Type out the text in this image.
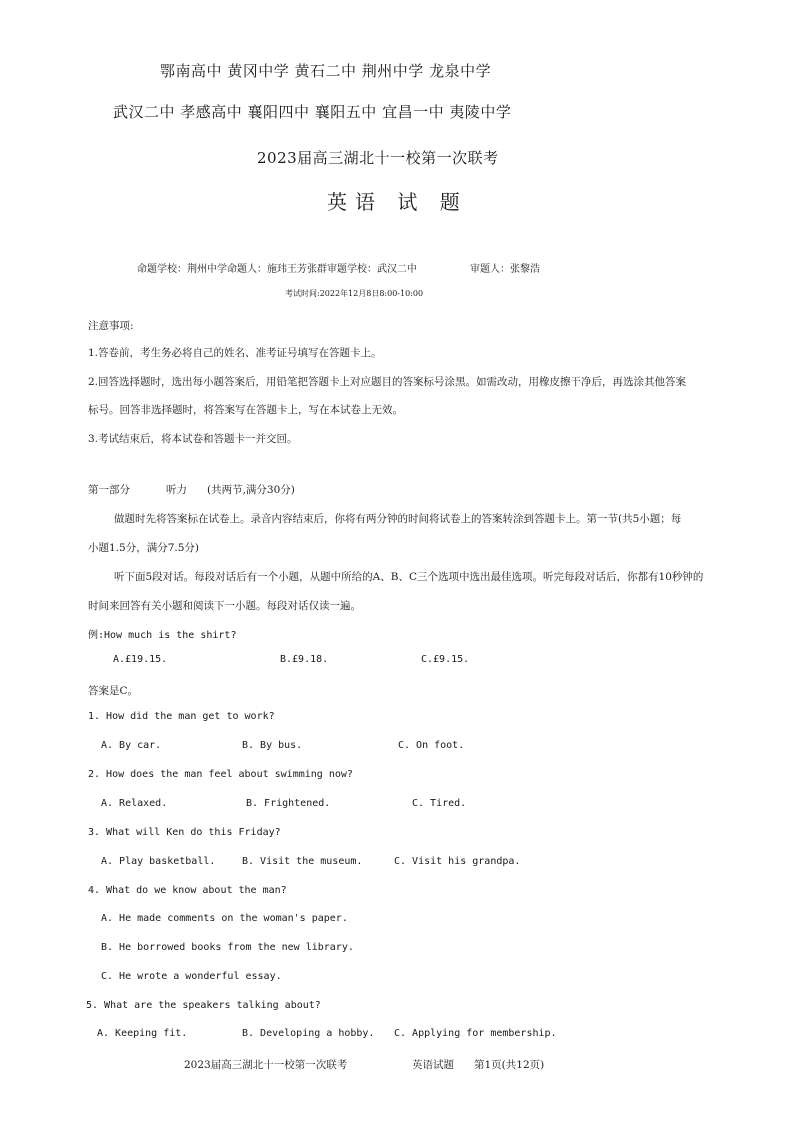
鄂南高中 黄冈中学 黄石二中 荆州中学 龙泉中学
武汉二中 孝感高中 襄阳四中 襄阳五中 宜昌一中 夷陵中学
2023届高三湖北十一校第一次联考
英语 试 题
命题学校：荆州中学命题人：施玮王芳张群审题学校：武汉二中	审题人：张黎浩
考试时间:2022年12月8日8:00-10:00
注意事项:
1.答卷前，考生务必将自己的姓名、准考证号填写在答题卡上。
2.回答选择题时，选出每小题答案后，用铅笔把答题卡上对应题目的答案标号涂黑。如需改动，用橡皮擦干净后，再选涂其他答案
标号。回答非选择题时，将答案写在答题卡上，写在本试卷上无效。
3.考试结束后，将本试卷和答题卡一并交回。
第一部分	听力 (共两节,满分30分)
做题时先将答案标在试卷上。录音内容结束后，你将有两分钟的时间将试卷上的答案转涂到答题卡上。第一节(共5小题；每
小题1.5分，满分7.5分)
听下面5段对话。每段对话后有一个小题，从题中所给的A、B、C三个选项中选出最佳选项。听完每段对话后，你都有10秒钟的
时间来回答有关小题和阅读下一小题。每段对话仅读一遍。
例:How much is the shirt?
A.£19.15.	B.£9.18.	C.£9.15.
答案是C。
1. How did the man get to work?
A. By car.	B. By bus.	C. On foot.
2. How does the man feel about swimming now?
A. Relaxed.	B. Frightened.	C. Tired.
3. What will Ken do this Friday?
A. Play basketball.	B. Visit the museum.	C. Visit his grandpa.
4. What do we know about the man?
A. He made comments on the woman's paper.
B. He borrowed books from the new library.
C. He wrote a wonderful essay.
5. What are the speakers talking about?
A. Keeping fit.	B. Developing a hobby. C. Applying for membership.
2023届高三湖北十一校第一次联考	英语试题 第1页(共12页)
